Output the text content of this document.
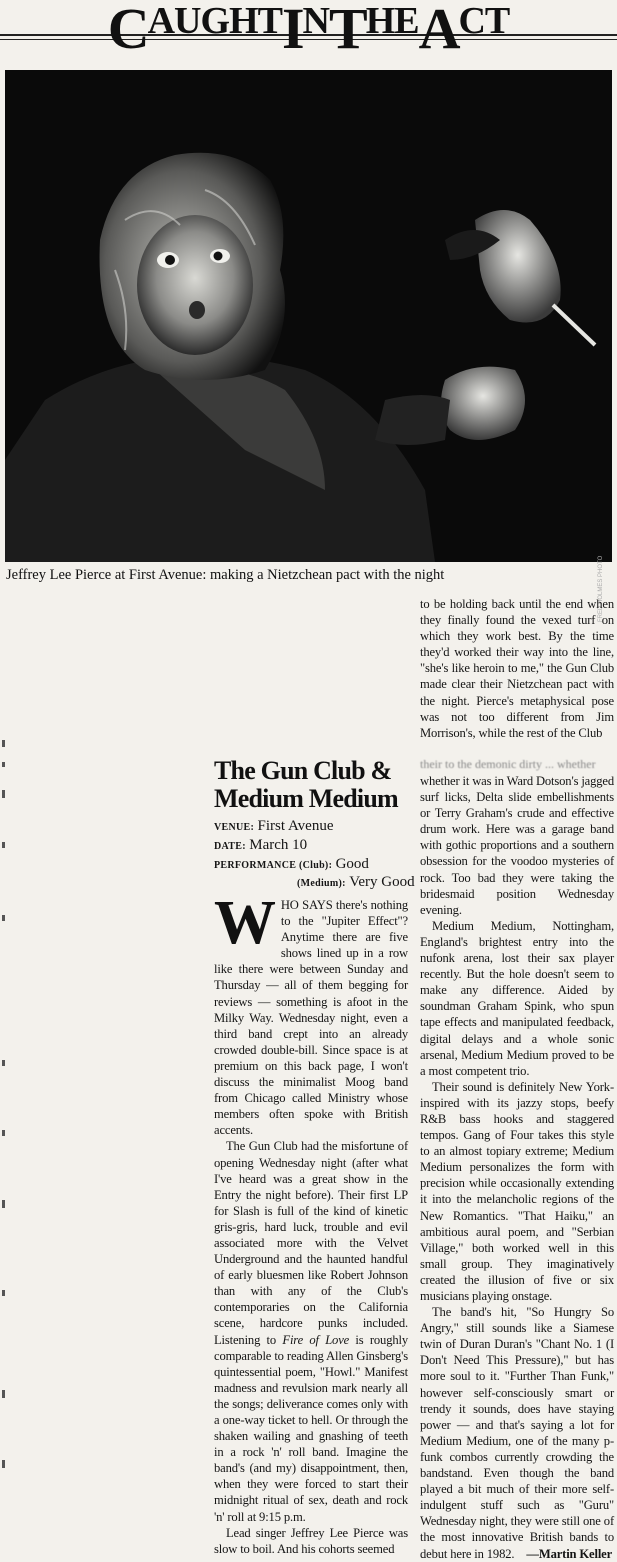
CAUGHTINTHEACT
FRED HOLMES PHOTO
Jeffrey Lee Pierce at First Avenue: making a Nietzchean pact with the night
The Gun Club &
Medium Medium
VENUE: First Avenue
DATE: March 10
PERFORMANCE (Club): Good
(Medium): Very Good

WHO SAYS there's nothing to the "Jupiter Effect"? Anytime there are five shows lined up in a row like there were between Sunday and Thursday — all of them begging for reviews — something is afoot in the Milky Way. Wednesday night, even a third band crept into an already crowded double-bill. Since space is at premium on this back page, I won't discuss the minimalist Moog band from Chicago called Ministry whose members often spoke with British accents.

The Gun Club had the misfortune of opening Wednesday night (after what I've heard was a great show in the Entry the night before). Their first LP for Slash is full of the kind of kinetic gris-gris, hard luck, trouble and evil associated more with the Velvet Underground and the haunted handful of early bluesmen like Robert Johnson than with any of the Club's contemporaries on the California scene, hardcore punks included. Listening to Fire of Love is roughly comparable to reading Allen Ginsberg's quintessential poem, "Howl." Manifest madness and revulsion mark nearly all the songs; deliverance comes only with a one-way ticket to hell. Or through the shaken wailing and gnashing of teeth in a rock 'n' roll band. Imagine the band's (and my) disappointment, then, when they were forced to start their midnight ritual of sex, death and rock 'n' roll at 9:15 p.m.

Lead singer Jeffrey Lee Pierce was slow to boil. And his cohorts seemed

to be holding back until the end when they finally found the vexed turf on which they work best. By the time they'd worked their way into the line, "she's like heroin to me," the Gun Club made clear their Nietzchean pact with the night. Pierce's metaphysical pose was not too different from Jim Morrison's, while the rest of the Club

their to the demonic dirty ... whether

whether it was in Ward Dotson's jagged surf licks, Delta slide embellishments or Terry Graham's crude and effective drum work. Here was a garage band with gothic proportions and a southern obsession for the voodoo mysteries of rock. Too bad they were taking the bridesmaid position Wednesday evening.

Medium Medium, Nottingham, England's brightest entry into the nufonk arena, lost their sax player recently. But the hole doesn't seem to make any difference. Aided by soundman Graham Spink, who spun tape effects and manipulated feedback, digital delays and a whole sonic arsenal, Medium Medium proved to be a most competent trio.

Their sound is definitely New York-inspired with its jazzy stops, beefy R&B bass hooks and staggered tempos. Gang of Four takes this style to an almost topiary extreme; Medium Medium personalizes the form with precision while occasionally extending it into the melancholic regions of the New Romantics. "That Haiku," an ambitious aural poem, and "Serbian Village," both worked well in this small group. They imaginatively created the illusion of five or six musicians playing onstage.

The band's hit, "So Hungry So Angry," still sounds like a Siamese twin of Duran Duran's "Chant No. 1 (I Don't Need This Pressure)," but has more soul to it. "Further Than Funk," however self-consciously smart or trendy it sounds, does have staying power — and that's saying a lot for Medium Medium, one of the many p-funk combos currently crowding the bandstand. Even though the band played a bit much of their more self-indulgent stuff such as "Guru" Wednesday night, they were still one of the most innovative British bands to debut here in 1982. —Martin Keller
